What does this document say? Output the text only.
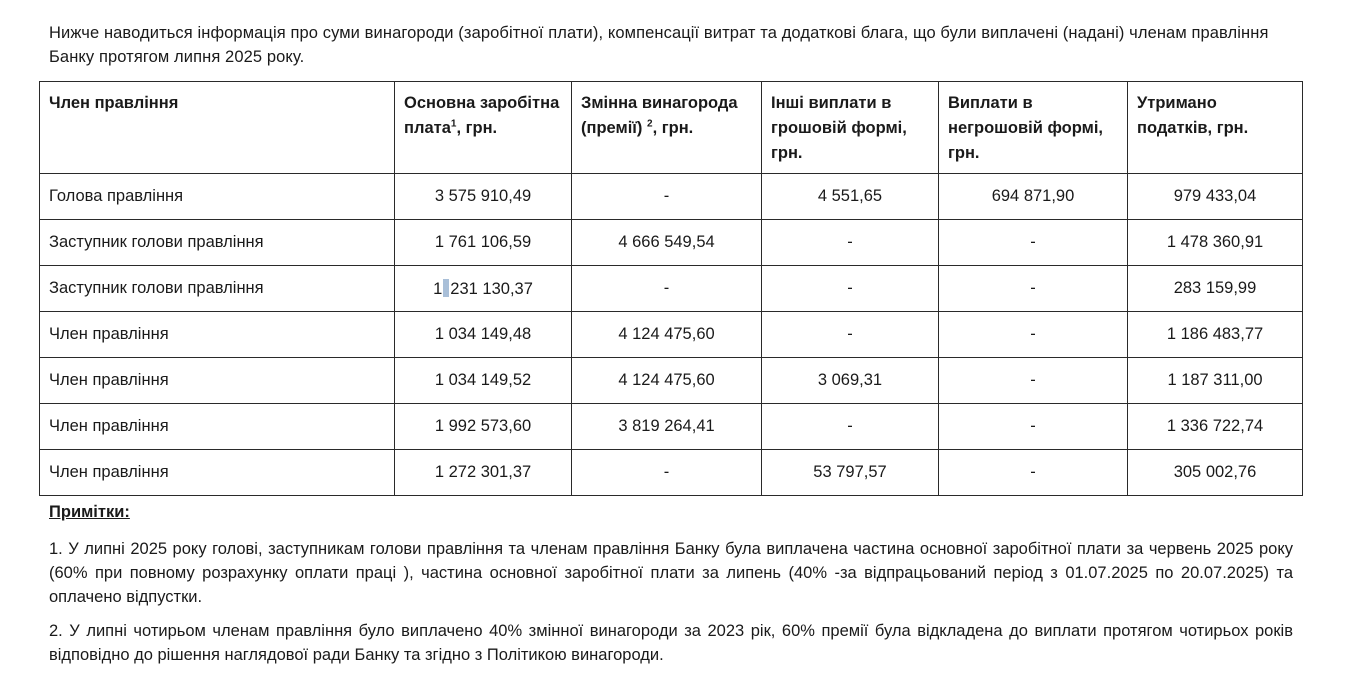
Нижче наводиться інформація про суми винагороди (заробітної плати), компенсації витрат та додаткові блага, що були виплачені (надані) членам правління Банку протягом липня 2025 року.

Член правління	Основна заробітна плата$^1$, грн.	Змінна винагорода (премії) $^2$, грн.	Інші виплати в грошовій формі, грн.	Виплати в негрошовій формі, грн.	Утримано податків, грн.
Голова правління	3 575 910,49	-	4 551,65	694 871,90	979 433,04
Заступник голови правління	1 761 106,59	4 666 549,54	-	-	1 478 360,91
Заступник голови правління	1 231 130,37	-	-	-	283 159,99
Член правління	1 034 149,48	4 124 475,60	-	-	1 186 483,77
Член правління	1 034 149,52	4 124 475,60	3 069,31	-	1 187 311,00
Член правління	1 992 573,60	3 819 264,41	-	-	1 336 722,74
Член правління	1 272 301,37	-	53 797,57	-	305 002,76
Примітки:

1. У липні 2025 року голові, заступникам голови правління та членам правління Банку була виплачена частина основної заробітної плати за червень 2025 року (60% при повному розрахунку оплати праці ), частина основної заробітної плати за липень (40% -за відпрацьований період з 01.07.2025 по 20.07.2025) та оплачено відпустки.

2. У липні чотирьом членам правління було виплачено 40% змінної винагороди за 2023 рік, 60% премії була відкладена до виплати протягом чотирьох років відповідно до рішення наглядової ради Банку та згідно з Політикою винагороди.
